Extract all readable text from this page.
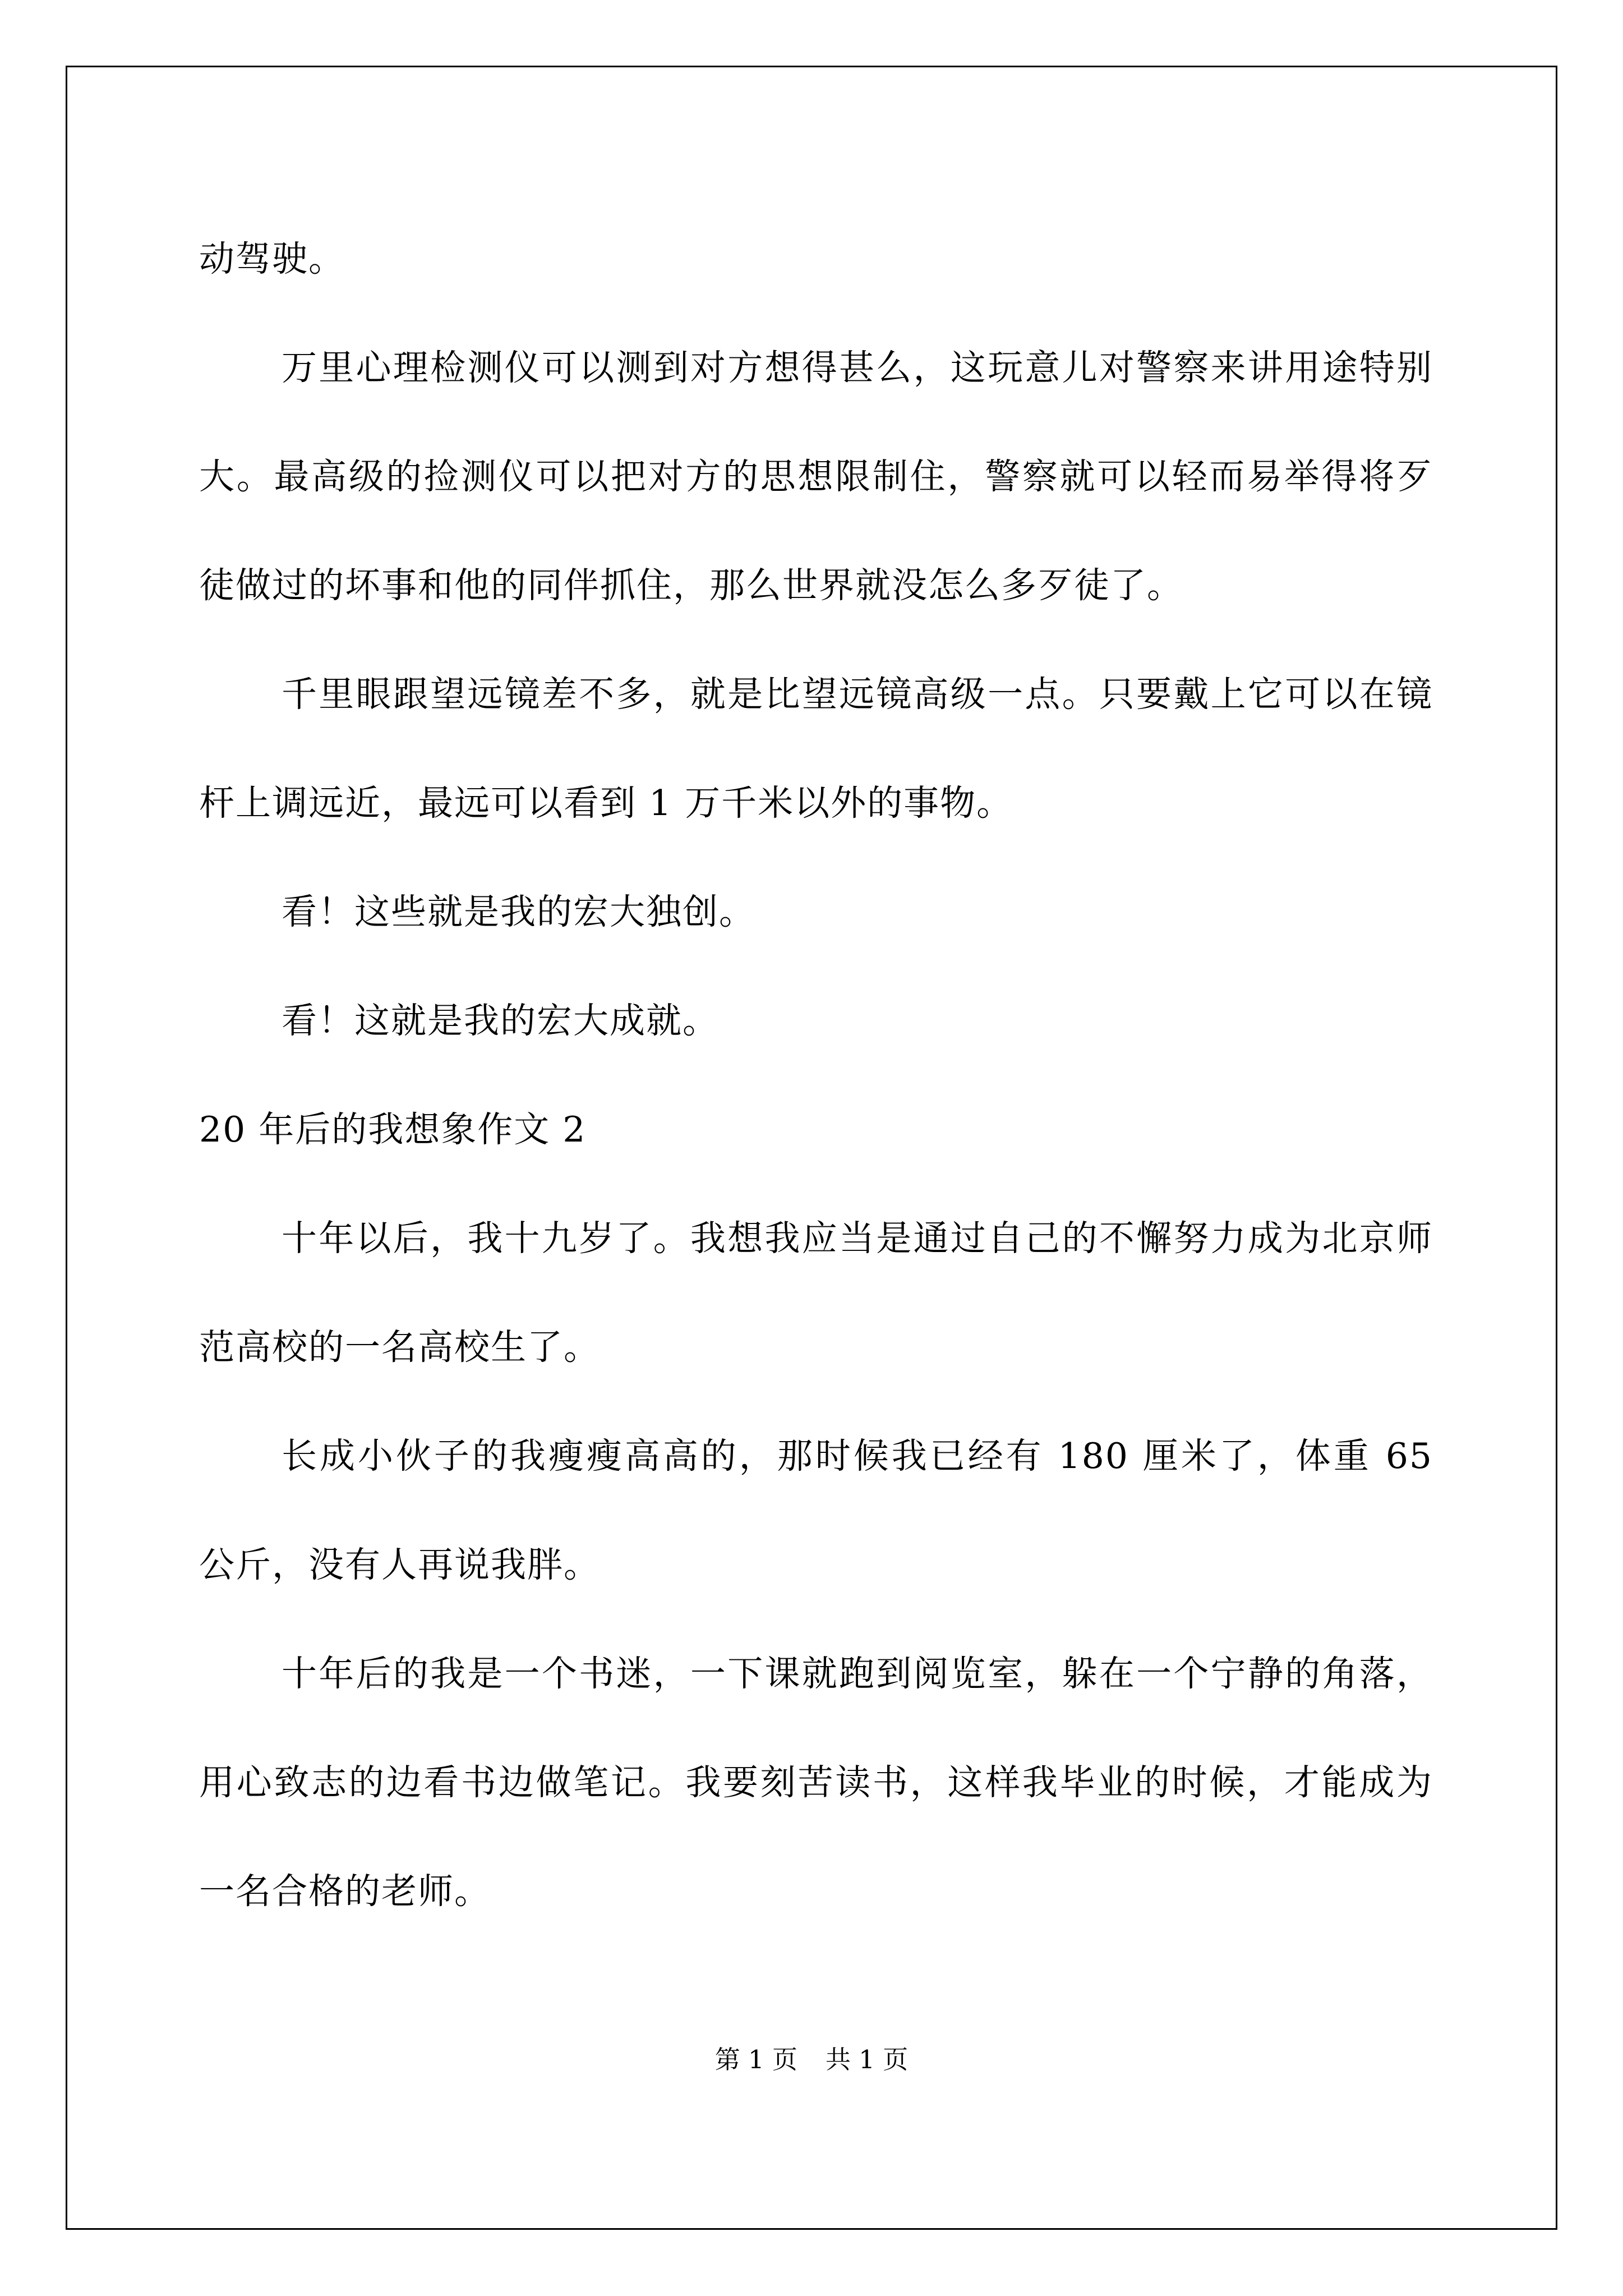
动驾驶。

万里心理检测仪可以测到对方想得甚么，这玩意儿对警察来讲用途特别大。最高级的捡测仪可以把对方的思想限制住，警察就可以轻而易举得将歹徒做过的坏事和他的同伴抓住，那么世界就没怎么多歹徒了。

千里眼跟望远镜差不多，就是比望远镜高级一点。只要戴上它可以在镜杆上调远近，最远可以看到 1 万千米以外的事物。

看！这些就是我的宏大独创。

看！这就是我的宏大成就。

20 年后的我想象作文 2

十年以后，我十九岁了。我想我应当是通过自己的不懈努力成为北京师范高校的一名高校生了。

长成小伙子的我瘦瘦高高的，那时候我已经有 180 厘米了，体重 65 公斤，没有人再说我胖。

十年后的我是一个书迷，一下课就跑到阅览室，躲在一个宁静的角落，用心致志的边看书边做笔记。我要刻苦读书，这样我毕业的时候，才能成为一名合格的老师。

第 1 页 共 1 页
